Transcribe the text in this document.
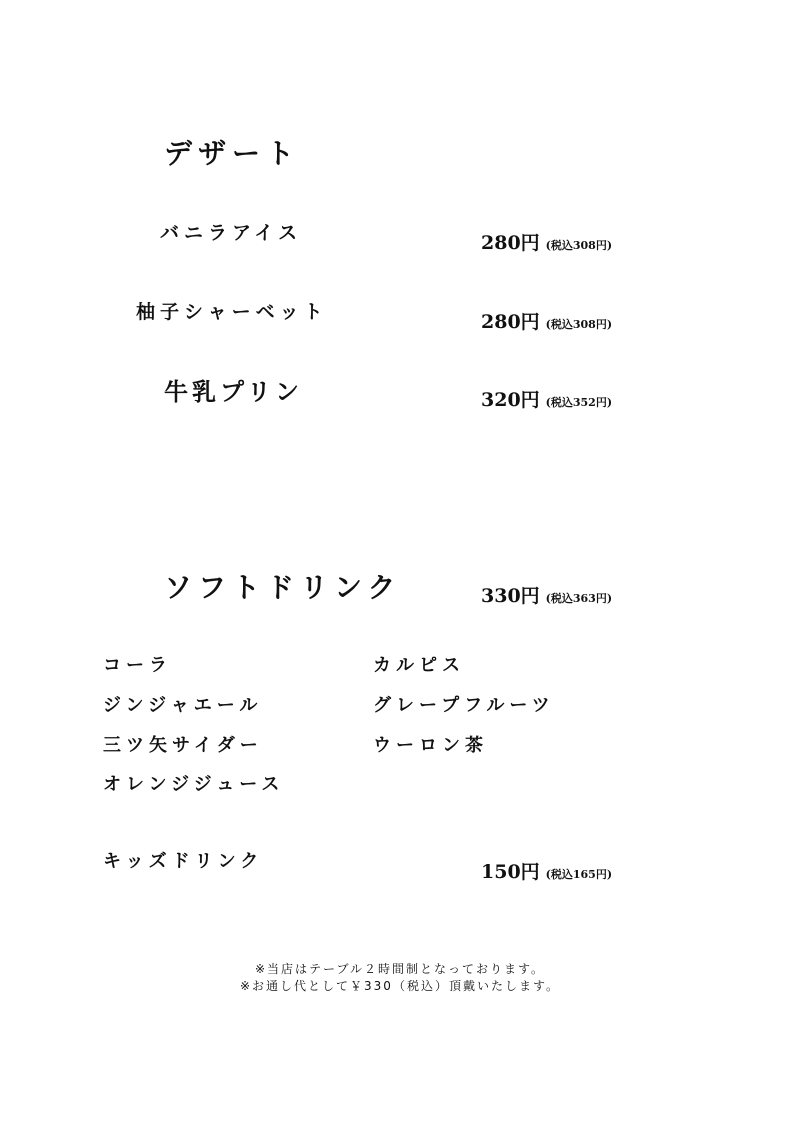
デザート
バニラアイス	280円 (税込308円)
柚子シャーベット	280円 (税込308円)
牛乳プリン	320円 (税込352円)
ソフトドリンク	330円 (税込363円)
コーラ
ジンジャエール
三ツ矢サイダー
オレンジジュース
カルピス
グレープフルーツ
ウーロン茶
キッズドリンク	150円 (税込165円)
※当店はテーブル２時間制となっております。
※お通し代として￥330（税込）頂戴いたします。
